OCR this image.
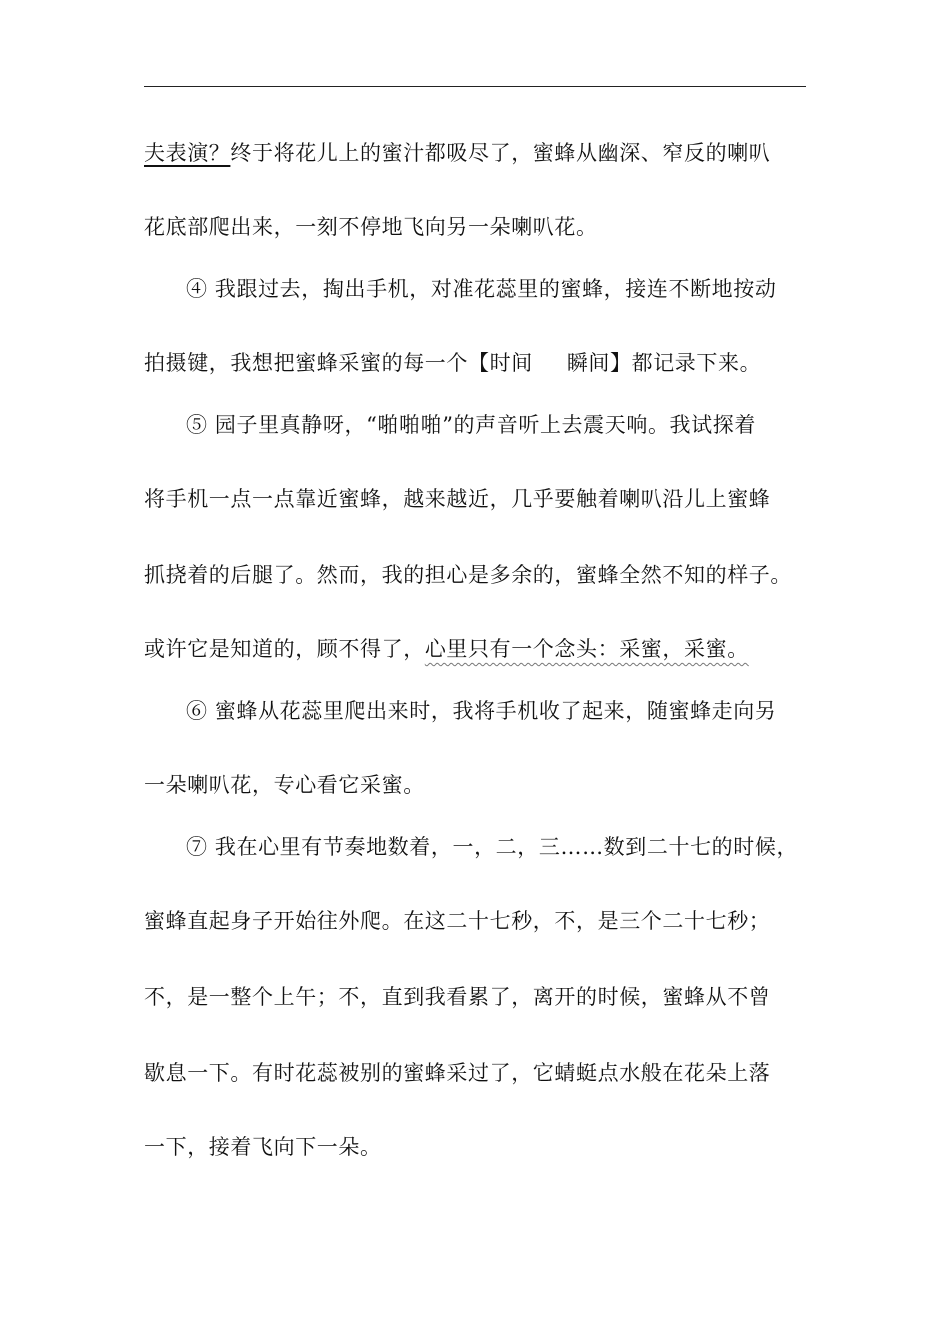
夫表演？终于将花儿上的蜜汁都吸尽了，蜜蜂从幽深、窄反的喇叭
花底部爬出来，一刻不停地飞向另一朵喇叭花。
④ 我跟过去，掏出手机，对准花蕊里的蜜蜂，接连不断地按动
拍摄键，我想把蜜蜂采蜜的每一个【时间 瞬间】都记录下来。
⑤ 园子里真静呀，“啪啪啪”的声音听上去震天响。我试探着
将手机一点一点靠近蜜蜂，越来越近，几乎要触着喇叭沿儿上蜜蜂
抓挠着的后腿了。然而，我的担心是多余的，蜜蜂全然不知的样子。
或许它是知道的，顾不得了，心里只有一个念头：采蜜，采蜜。
⑥ 蜜蜂从花蕊里爬出来时，我将手机收了起来，随蜜蜂走向另
一朵喇叭花，专心看它采蜜。
⑦ 我在心里有节奏地数着，一，二，三……数到二十七的时候，
蜜蜂直起身子开始往外爬。在这二十七秒，不，是三个二十七秒；
不，是一整个上午；不，直到我看累了，离开的时候，蜜蜂从不曾
歇息一下。有时花蕊被别的蜜蜂采过了，它蜻蜓点水般在花朵上落
一下，接着飞向下一朵。
